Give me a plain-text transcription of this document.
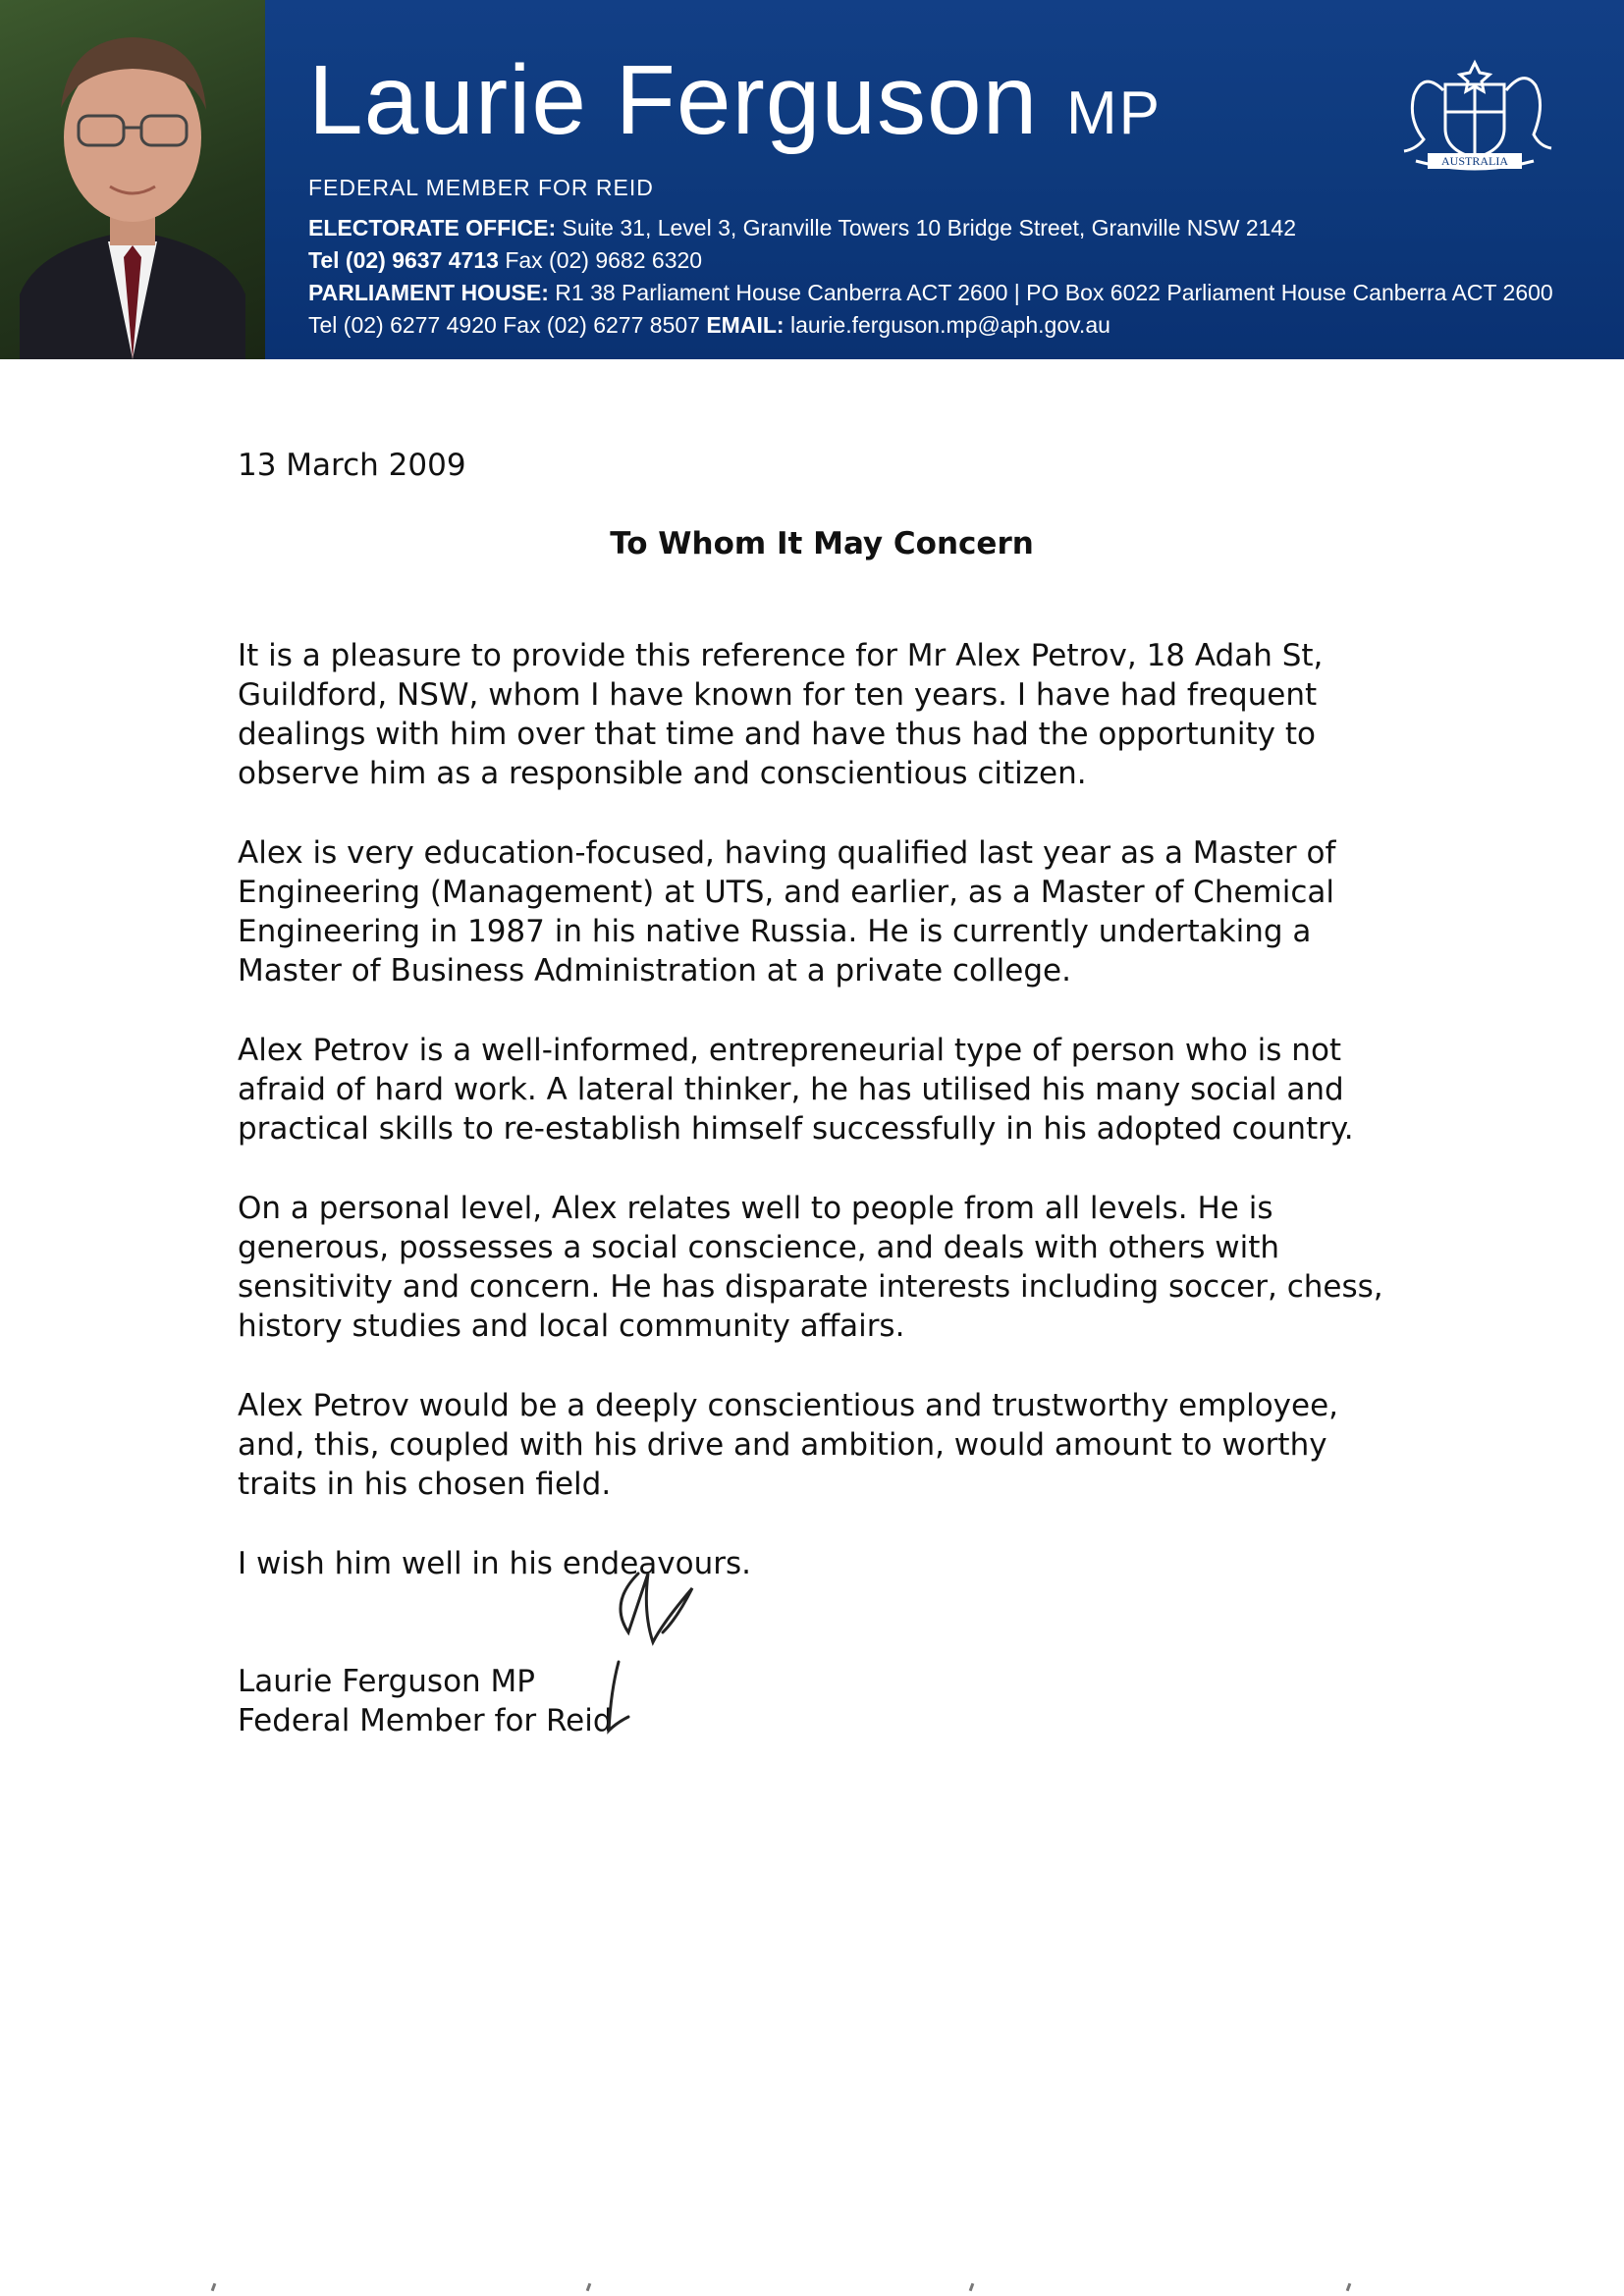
Laurie Ferguson MP
FEDERAL MEMBER FOR REID
ELECTORATE OFFICE: Suite 31, Level 3, Granville Towers 10 Bridge Street, Granville NSW 2142
Tel (02) 9637 4713 Fax (02) 9682 6320
PARLIAMENT HOUSE: R1 38 Parliament House Canberra ACT 2600 | PO Box 6022 Parliament House Canberra ACT 2600
Tel (02) 6277 4920 Fax (02) 6277 8507 EMAIL: laurie.ferguson.mp@aph.gov.au
AUSTRALIA

13 March 2009

To Whom It May Concern

It is a pleasure to provide this reference for Mr Alex Petrov, 18 Adah St, Guildford, NSW, whom I have known for ten years. I have had frequent dealings with him over that time and have thus had the opportunity to observe him as a responsible and conscientious citizen.

Alex is very education-focused, having qualified last year as a Master of Engineering (Management) at UTS, and earlier, as a Master of Chemical Engineering in 1987 in his native Russia. He is currently undertaking a Master of Business Administration at a private college.

Alex Petrov is a well-informed, entrepreneurial type of person who is not afraid of hard work. A lateral thinker, he has utilised his many social and practical skills to re-establish himself successfully in his adopted country.

On a personal level, Alex relates well to people from all levels. He is generous, possesses a social conscience, and deals with others with sensitivity and concern. He has disparate interests including soccer, chess, history studies and local community affairs.

Alex Petrov would be a deeply conscientious and trustworthy employee, and, this, coupled with his drive and ambition, would amount to worthy traits in his chosen field.

I wish him well in his endeavours.

Laurie Ferguson MP

Federal Member for Reid
